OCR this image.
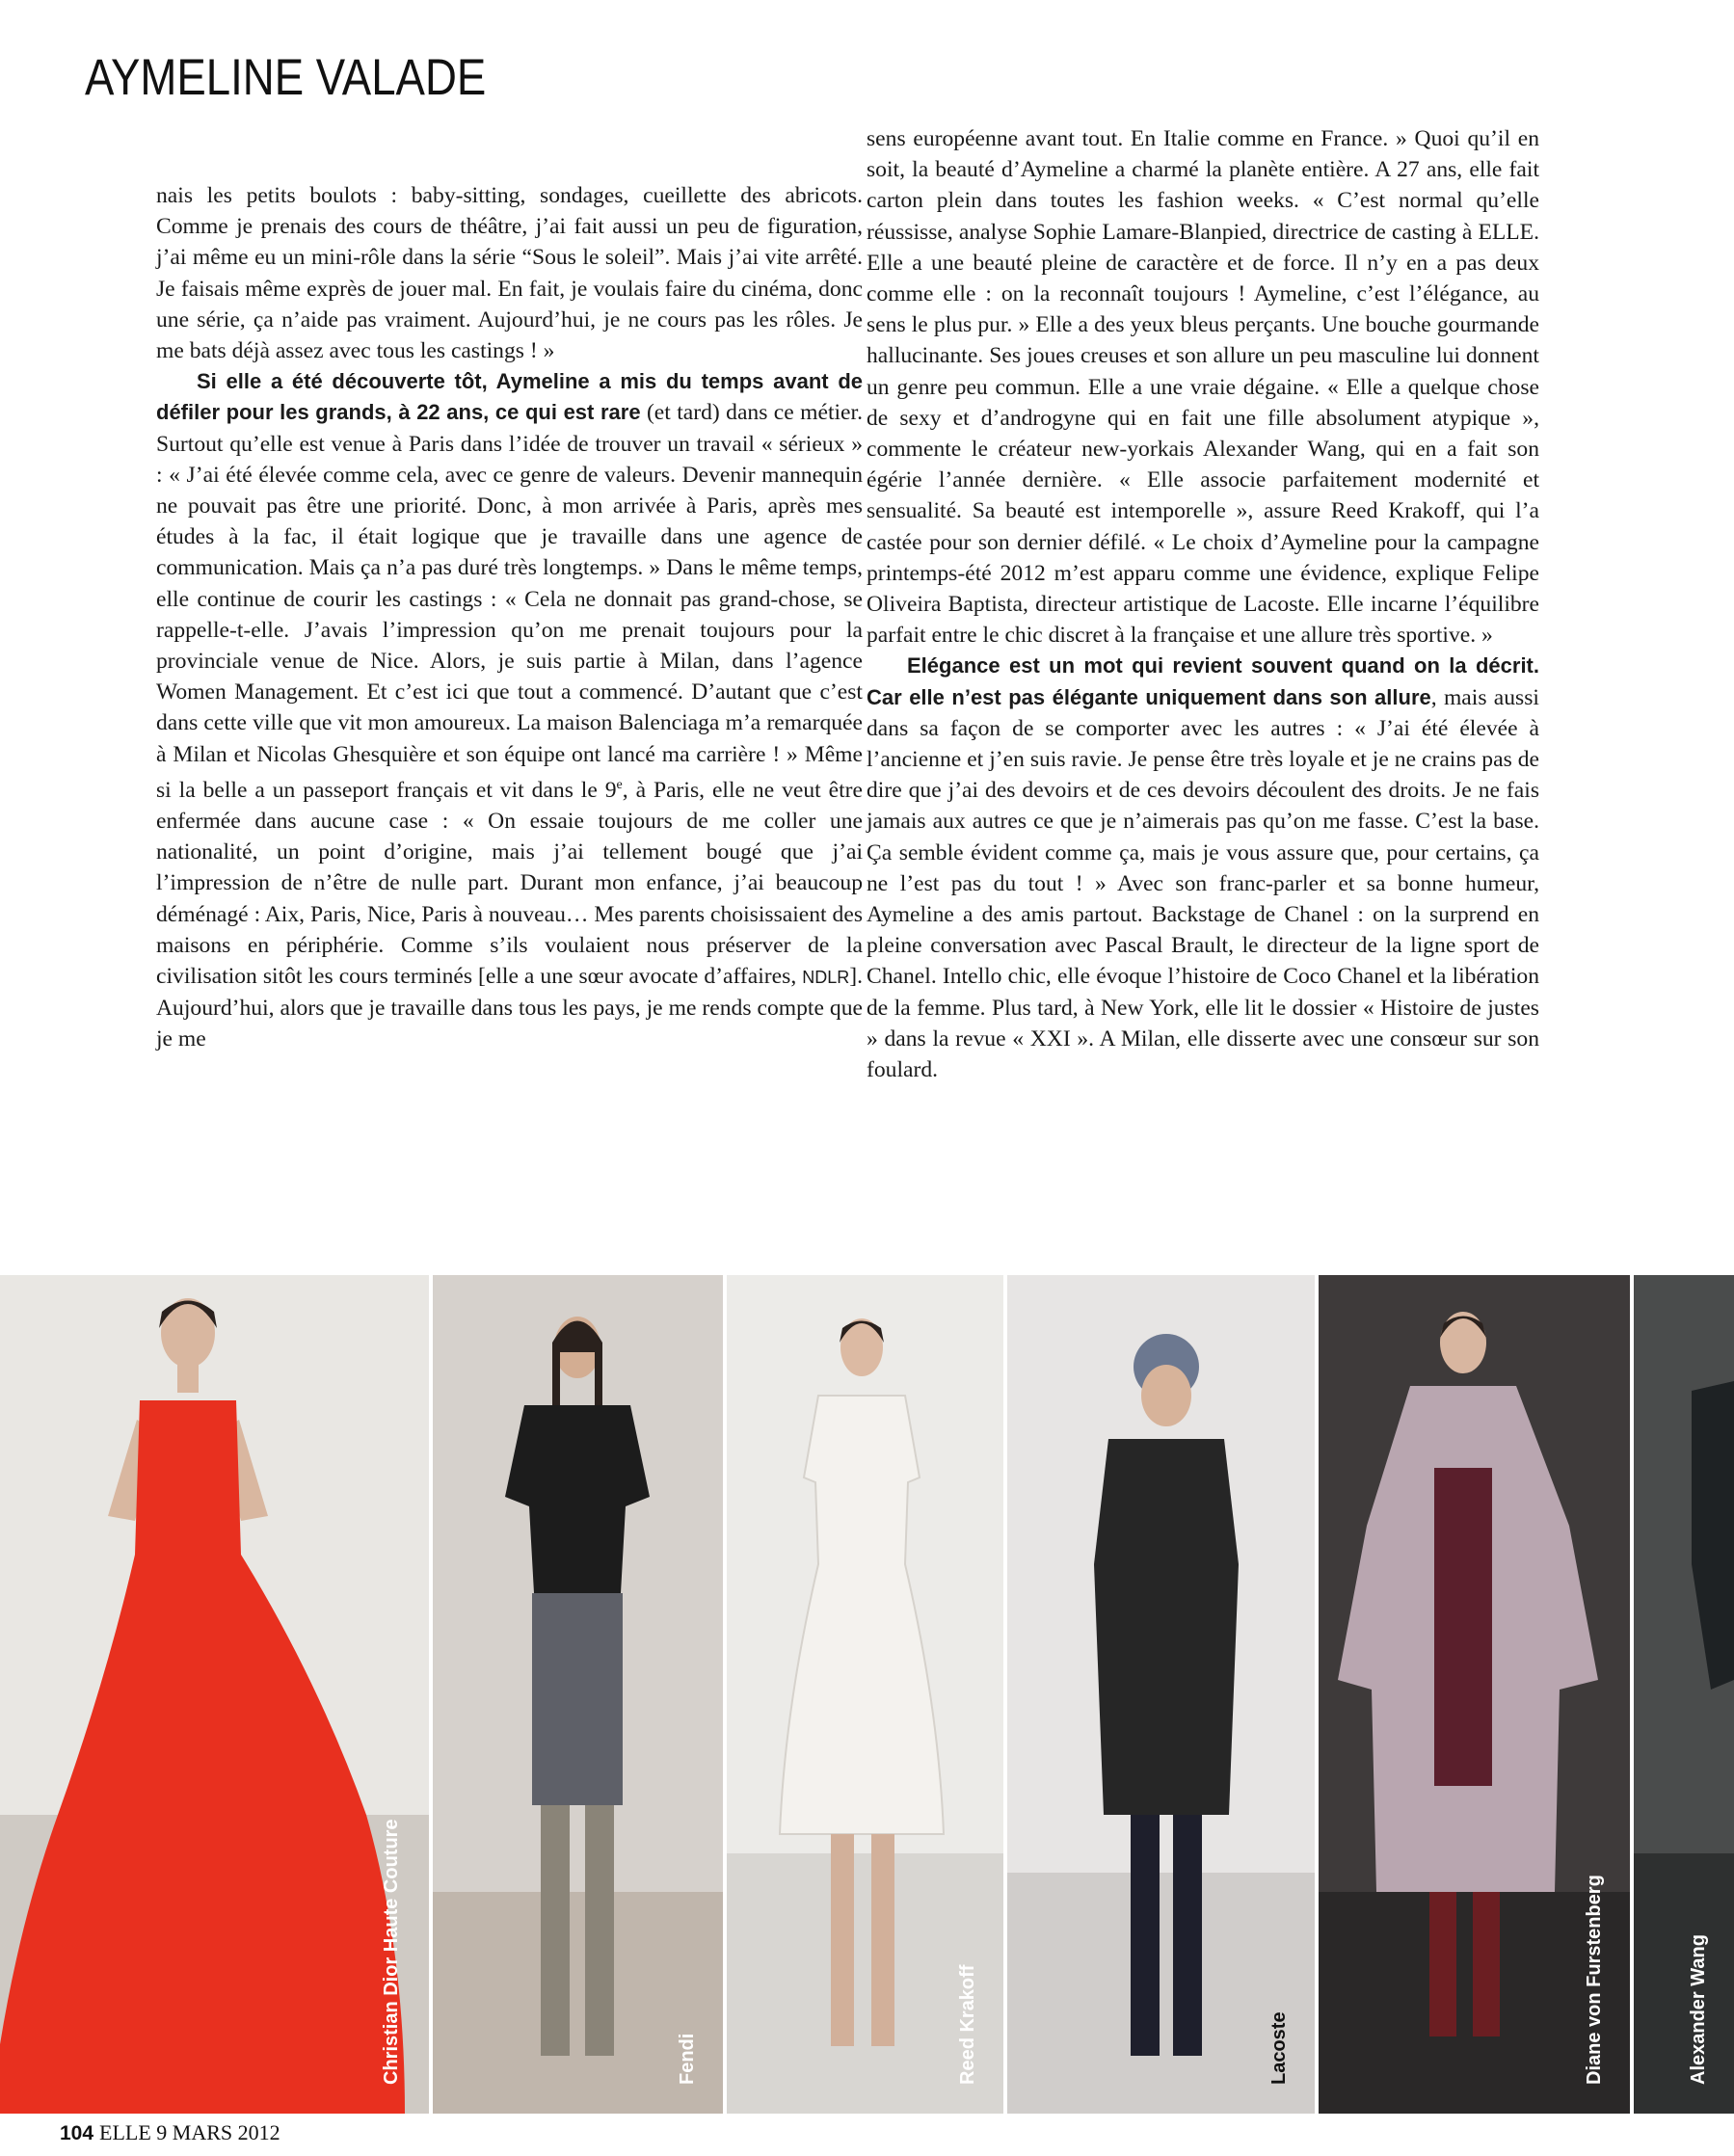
AYMELINE VALADE

nais les petits boulots : baby-sitting, sondages, cueillette des abricots. Comme je prenais des cours de théâtre, j’ai fait aussi un peu de figuration, j’ai même eu un mini-rôle dans la série “Sous le soleil”. Mais j’ai vite arrêté. Je faisais même exprès de jouer mal. En fait, je voulais faire du cinéma, donc une série, ça n’aide pas vraiment. Aujourd’hui, je ne cours pas les rôles. Je me bats déjà assez avec tous les castings ! »

Si elle a été découverte tôt, Aymeline a mis du temps avant de défiler pour les grands, à 22 ans, ce qui est rare (et tard) dans ce métier. Surtout qu’elle est venue à Paris dans l’idée de trouver un travail « sérieux » : « J’ai été élevée comme cela, avec ce genre de valeurs. Devenir mannequin ne pouvait pas être une priorité. Donc, à mon arrivée à Paris, après mes études à la fac, il était logique que je travaille dans une agence de communication. Mais ça n’a pas duré très longtemps. » Dans le même temps, elle continue de courir les castings : « Cela ne donnait pas grand-chose, se rappelle-t-elle. J’avais l’impression qu’on me prenait toujours pour la provinciale venue de Nice. Alors, je suis partie à Milan, dans l’agence Women Management. Et c’est ici que tout a commencé. D’autant que c’est dans cette ville que vit mon amoureux. La maison Balenciaga m’a remarquée à Milan et Nicolas Ghesquière et son équipe ont lancé ma carrière ! » Même si la belle a un passeport français et vit dans le 9e, à Paris, elle ne veut être enfermée dans aucune case : « On essaie toujours de me coller une nationalité, un point d’origine, mais j’ai tellement bougé que j’ai l’impression de n’être de nulle part. Durant mon enfance, j’ai beaucoup déménagé : Aix, Paris, Nice, Paris à nouveau… Mes parents choisissaient des maisons en périphérie. Comme s’ils voulaient nous préserver de la civilisation sitôt les cours terminés [elle a une sœur avocate d’affaires, NDLR]. Aujourd’hui, alors que je travaille dans tous les pays, je me rends compte que je me

sens européenne avant tout. En Italie comme en France. » Quoi qu’il en soit, la beauté d’Aymeline a charmé la planète entière. A 27 ans, elle fait carton plein dans toutes les fashion weeks. « C’est normal qu’elle réussisse, analyse Sophie Lamare-Blanpied, directrice de casting à ELLE. Elle a une beauté pleine de caractère et de force. Il n’y en a pas deux comme elle : on la reconnaît toujours ! Aymeline, c’est l’élégance, au sens le plus pur. » Elle a des yeux bleus perçants. Une bouche gourmande hallucinante. Ses joues creuses et son allure un peu masculine lui donnent un genre peu commun. Elle a une vraie dégaine. « Elle a quelque chose de sexy et d’androgyne qui en fait une fille absolument atypique », commente le créateur new-yorkais Alexander Wang, qui en a fait son égérie l’année dernière. « Elle associe parfaitement modernité et sensualité. Sa beauté est intemporelle », assure Reed Krakoff, qui l’a castée pour son dernier défilé. « Le choix d’Aymeline pour la campagne printemps-été 2012 m’est apparu comme une évidence, explique Felipe Oliveira Baptista, directeur artistique de Lacoste. Elle incarne l’équilibre parfait entre le chic discret à la française et une allure très sportive. »

Elégance est un mot qui revient souvent quand on la décrit. Car elle n’est pas élégante uniquement dans son allure, mais aussi dans sa façon de se comporter avec les autres : « J’ai été élevée à l’ancienne et j’en suis ravie. Je pense être très loyale et je ne crains pas de dire que j’ai des devoirs et de ces devoirs découlent des droits. Je ne fais jamais aux autres ce que je n’aimerais pas qu’on me fasse. C’est la base. Ça semble évident comme ça, mais je vous assure que, pour certains, ça ne l’est pas du tout ! » Avec son franc-parler et sa bonne humeur, Aymeline a des amis partout. Backstage de Chanel : on la surprend en pleine conversation avec Pascal Brault, le directeur de la ligne sport de Chanel. Intello chic, elle évoque l’histoire de Coco Chanel et la libération de la femme. Plus tard, à New York, elle lit le dossier « Histoire de justes » dans la revue « XXI ». A Milan, elle disserte avec une consœur sur son foulard.

Christian Dior Haute Couture	Fendi	Reed Krakoff	Lacoste	Diane von Furstenberg	Alexander Wang
104 ELLE 9 MARS 2012
